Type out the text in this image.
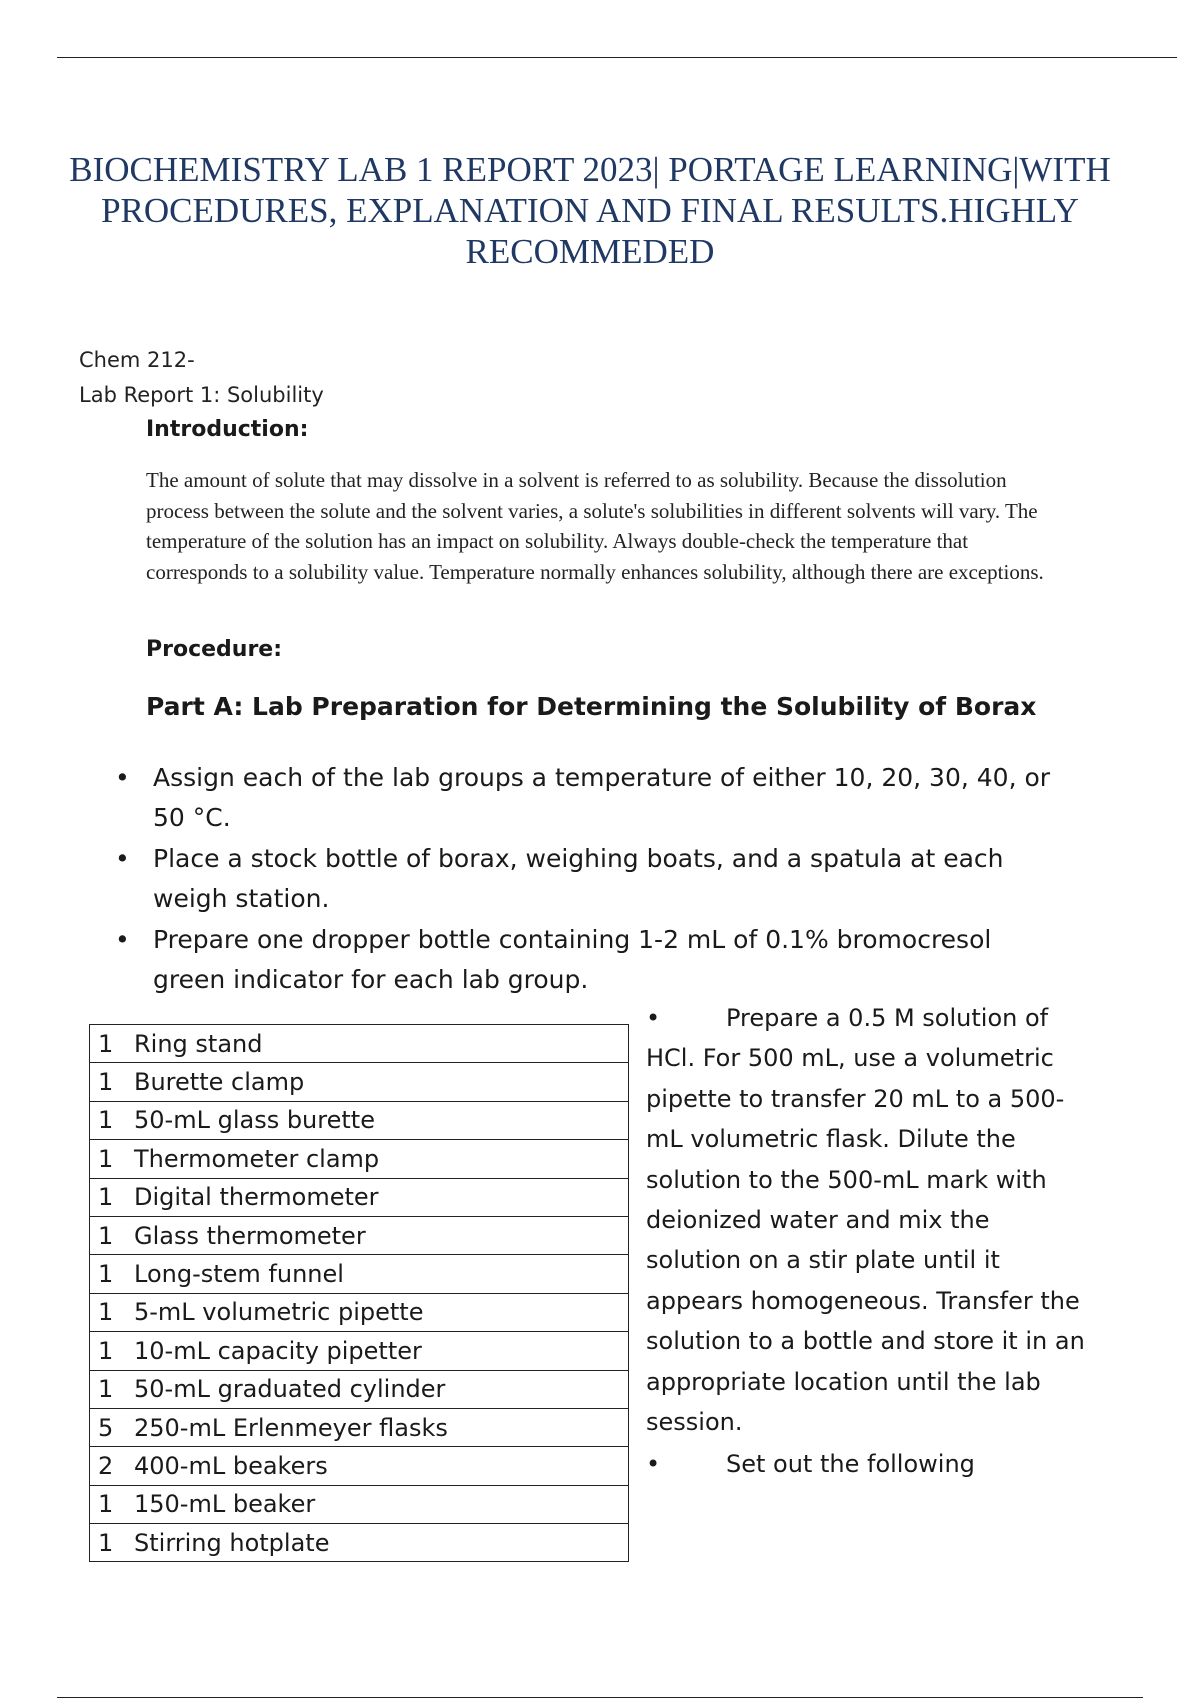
BIOCHEMISTRY LAB 1 REPORT 2023| PORTAGE LEARNING|WITH PROCEDURES, EXPLANATION AND FINAL RESULTS.HIGHLY RECOMMEDED
Chem 212-
Lab Report 1: Solubility
Introduction:

The amount of solute that may dissolve in a solvent is referred to as solubility. Because the dissolution process between the solute and the solvent varies, a solute's solubilities in different solvents will vary. The temperature of the solution has an impact on solubility. Always double-check the temperature that corresponds to a solubility value. Temperature normally enhances solubility, although there are exceptions.

Procedure:
Part A: Lab Preparation for Determining the Solubility of Borax
• Assign each of the lab groups a temperature of either 10, 20, 30, 40, or 50 °C.
• Place a stock bottle of borax, weighing boats, and a spatula at each weigh station.
• Prepare one dropper bottle containing 1-2 mL of 0.1% bromocresol green indicator for each lab group.
1 Ring stand
1 Burette clamp
1 50-mL glass burette
1 Thermometer clamp
1 Digital thermometer
1 Glass thermometer
1 Long-stem funnel
1 5-mL volumetric pipette
1 10-mL capacity pipetter
1 50-mL graduated cylinder
5 250-mL Erlenmeyer flasks
2 400-mL beakers
1 150-mL beaker
1 Stirring hotplate

•	Prepare a 0.5 M solution of
HCl. For 500 mL, use a volumetric pipette to transfer 20 mL to a 500-mL volumetric flask. Dilute the solution to the 500-mL mark with deionized water and mix the solution on a stir plate until it appears homogeneous. Transfer the solution to a bottle and store it in an appropriate location until the lab session.

•	Set out the following
